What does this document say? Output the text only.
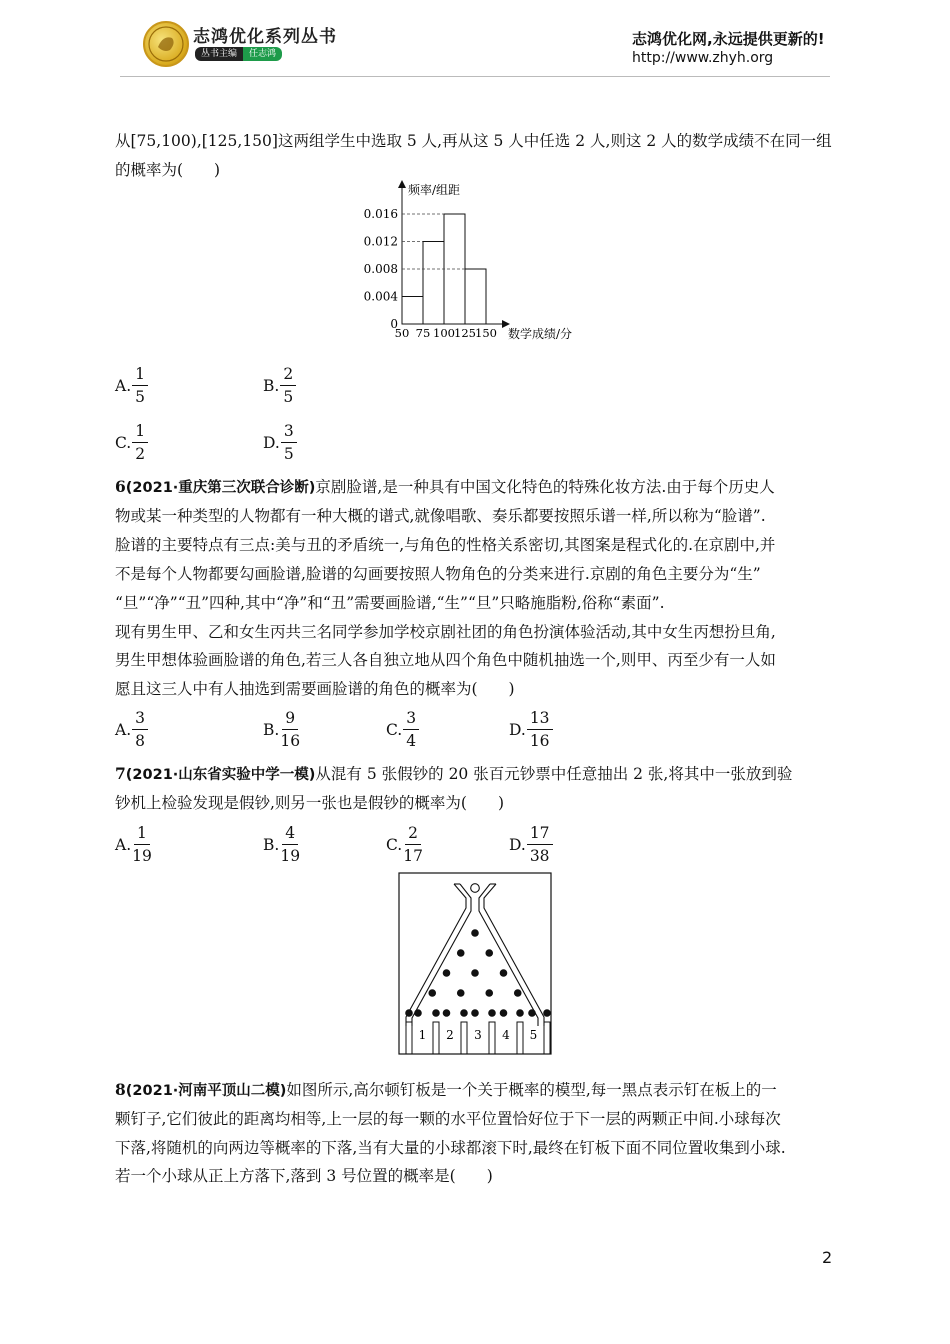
志鸿优化系列丛书
丛书主编	任志鸿
志鸿优化网,永远提供更新的!
http://www.zhyh.org
从[75,100),[125,150]这两组学生中选取 5 人,再从这 5 人中任选 2 人,则这 2 人的数学成绩不在同一组
的概率为(　　)
频率/组距
数学成绩/分
0
0.004
0.008
0.012
0.016
50 75 100 125 150
A. $\frac{1}{5}$	B. $\frac{2}{5}$
C. $\frac{1}{2}$	D. $\frac{3}{5}$
6(2021·重庆第三次联合诊断)京剧脸谱,是一种具有中国文化特色的特殊化妆方法.由于每个历史人
物或某一种类型的人物都有一种大概的谱式,就像唱歌、奏乐都要按照乐谱一样,所以称为“脸谱”.
脸谱的主要特点有三点:美与丑的矛盾统一,与角色的性格关系密切,其图案是程式化的.在京剧中,并
不是每个人物都要勾画脸谱,脸谱的勾画要按照人物角色的分类来进行.京剧的角色主要分为“生”
“旦”“净”“丑”四种,其中“净”和“丑”需要画脸谱,“生”“旦”只略施脂粉,俗称“素面”.
现有男生甲、乙和女生丙共三名同学参加学校京剧社团的角色扮演体验活动,其中女生丙想扮旦角,
男生甲想体验画脸谱的角色,若三人各自独立地从四个角色中随机抽选一个,则甲、丙至少有一人如
愿且这三人中有人抽选到需要画脸谱的角色的概率为(　　)
A. $\frac{3}{8}$	B. $\frac{9}{16}$	C. $\frac{3}{4}$	D. $\frac{13}{16}$
7(2021·山东省实验中学一模)从混有 5 张假钞的 20 张百元钞票中任意抽出 2 张,将其中一张放到验
钞机上检验发现是假钞,则另一张也是假钞的概率为(　　)
A. $\frac{1}{19}$	B. $\frac{4}{19}$	C. $\frac{2}{17}$	D. $\frac{17}{38}$
1 2 3 4 5
8(2021·河南平顶山二模)如图所示,高尔顿钉板是一个关于概率的模型,每一黑点表示钉在板上的一
颗钉子,它们彼此的距离均相等,上一层的每一颗的水平位置恰好位于下一层的两颗正中间.小球每次
下落,将随机的向两边等概率的下落,当有大量的小球都滚下时,最终在钉板下面不同位置收集到小球.
若一个小球从正上方落下,落到 3 号位置的概率是(　　)
2
